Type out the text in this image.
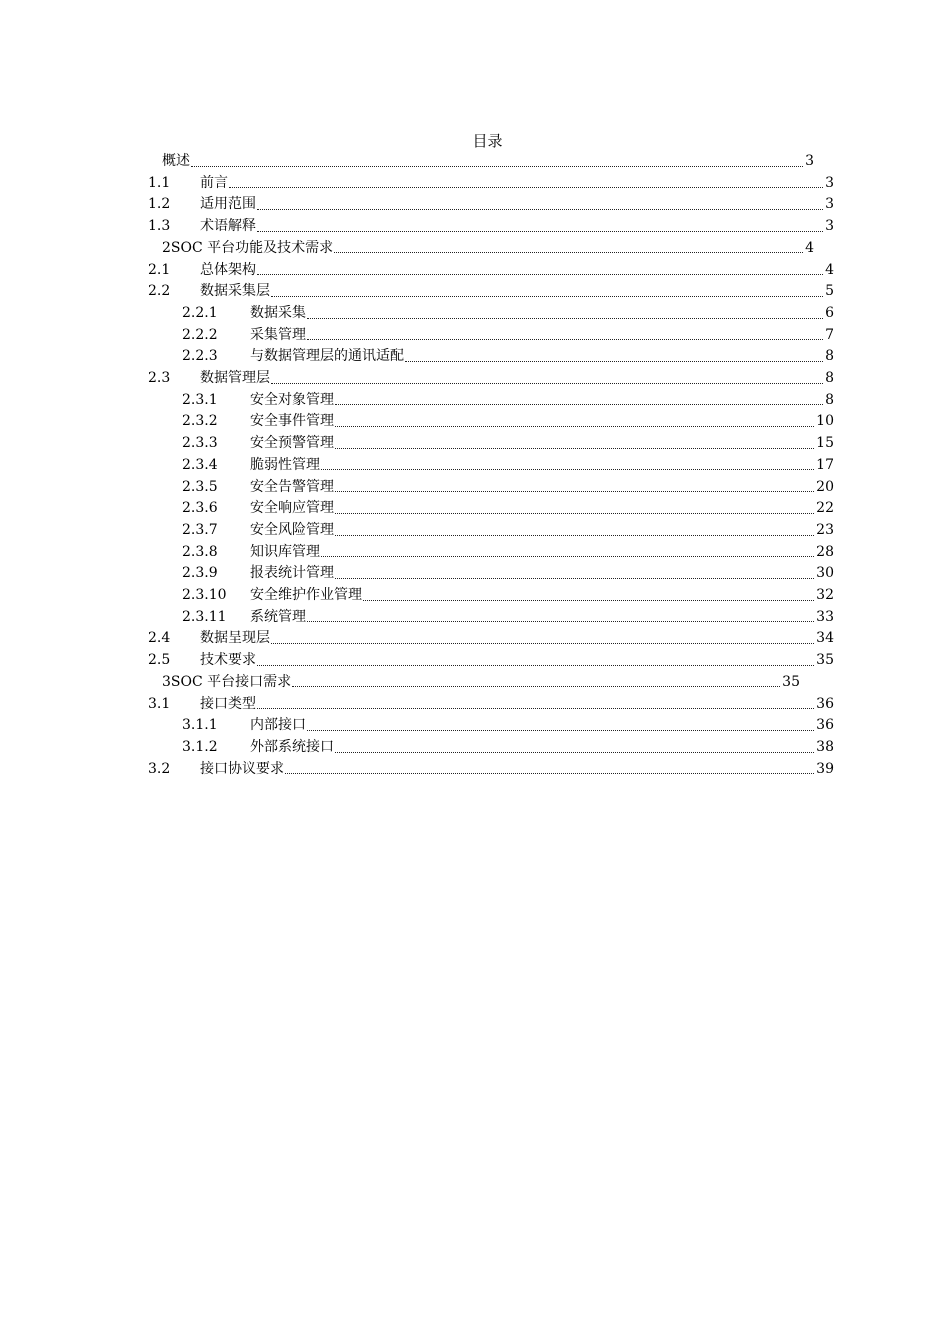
目录
概述	3
1.1	前言	3
1.2	适用范围	3
1.3	术语解释	3
2SOC 平台功能及技术需求	4
2.1	总体架构	4
2.2	数据采集层	5
2.2.1	数据采集	6
2.2.2	采集管理	7
2.2.3	与数据管理层的通讯适配	8
2.3	数据管理层	8
2.3.1	安全对象管理	8
2.3.2	安全事件管理	10
2.3.3	安全预警管理	15
2.3.4	脆弱性管理	17
2.3.5	安全告警管理	20
2.3.6	安全响应管理	22
2.3.7	安全风险管理	23
2.3.8	知识库管理	28
2.3.9	报表统计管理	30
2.3.10	安全维护作业管理	32
2.3.11	系统管理	33
2.4	数据呈现层	34
2.5	技术要求	35
3SOC 平台接口需求	35
3.1	接口类型	36
3.1.1	内部接口	36
3.1.2	外部系统接口	38
3.2	接口协议要求	39
